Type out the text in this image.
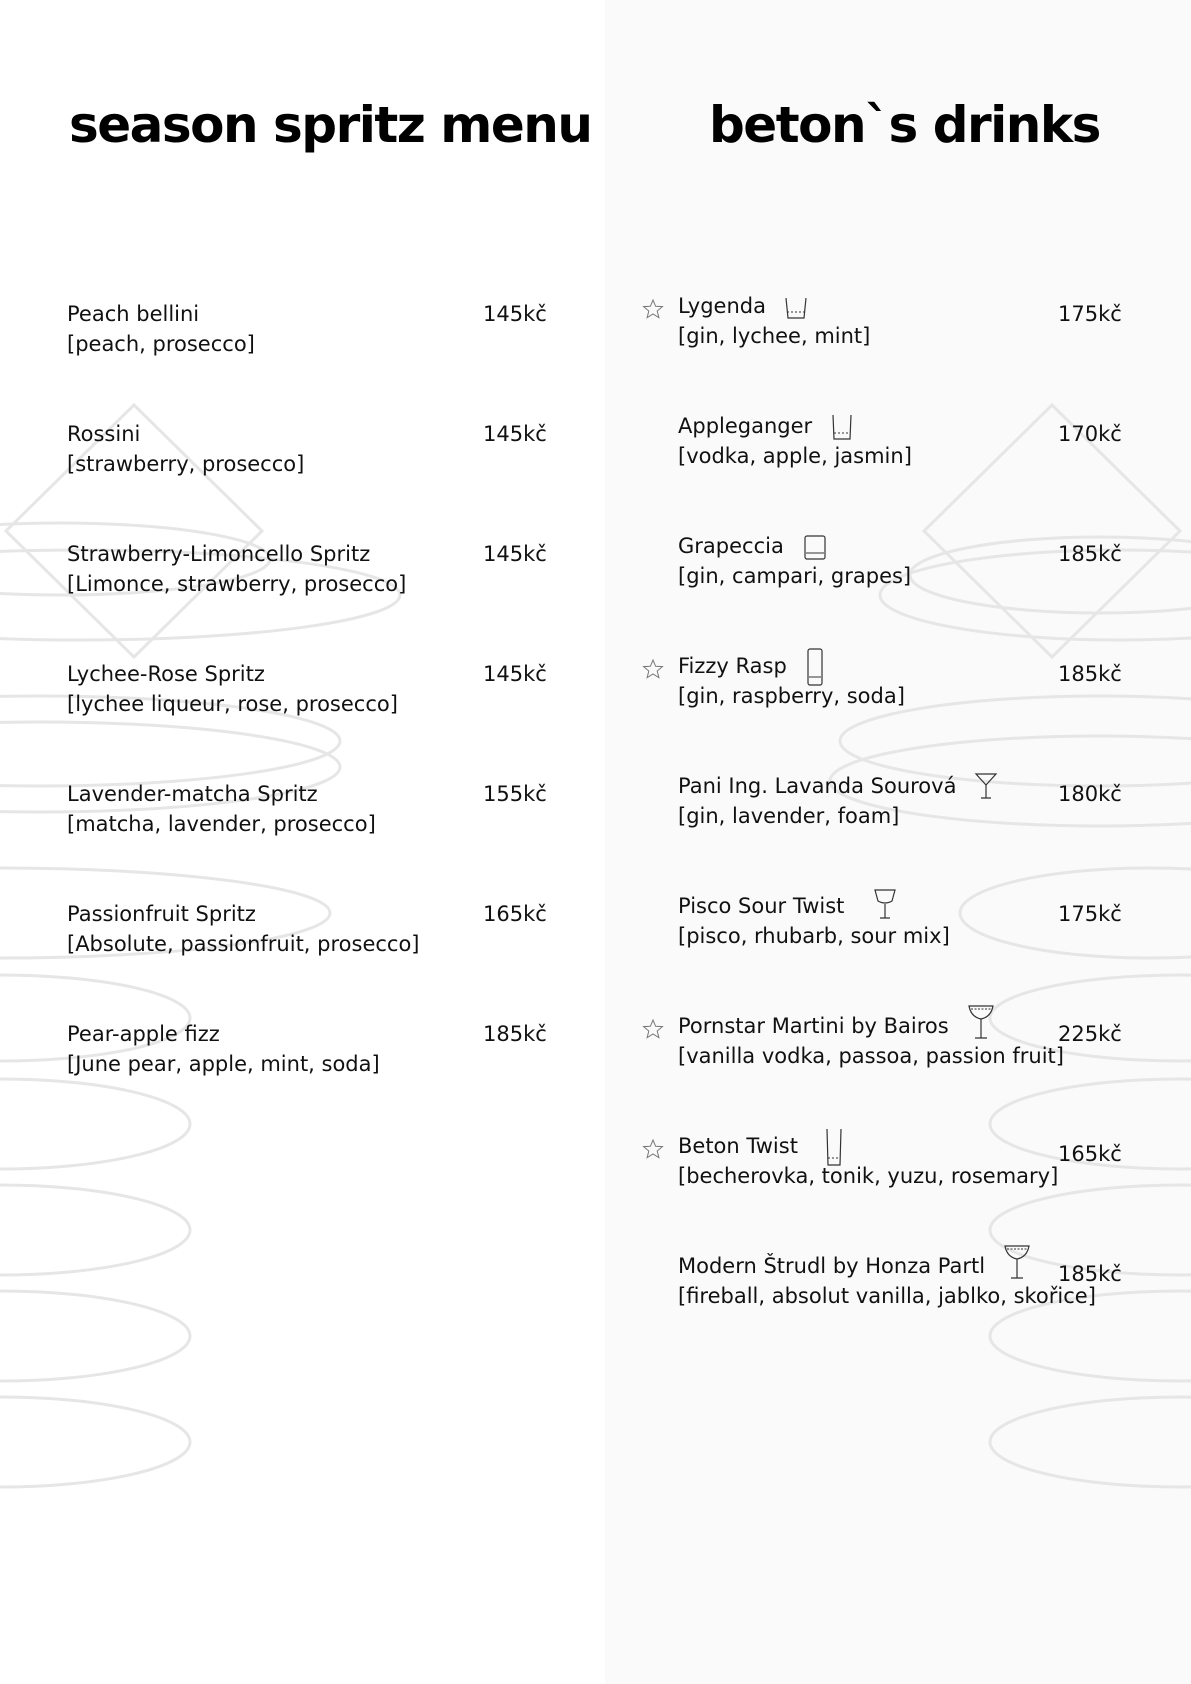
season spritz menu beton`s drinks
Peach bellini
[peach, prosecco]
145kč
Rossini
[strawberry, prosecco]
145kč
Strawberry-Limoncello Spritz
[Limonce, strawberry, prosecco]
145kč
Lychee-Rose Spritz
[lychee liqueur, rose, prosecco]
145kč
Lavender-matcha Spritz
[matcha, lavender, prosecco]
155kč
Passionfruit Spritz
[Absolute, passionfruit, prosecco]
165kč
Pear-apple fizz
[June pear, apple, mint, soda]
185kč
Lygenda
[gin, lychee, mint]
175kč
Appleganger
[vodka, apple, jasmin]
170kč
Grapeccia
[gin, campari, grapes]
185kč
Fizzy Rasp
[gin, raspberry, soda]
185kč
Pani Ing. Lavanda Sourová
[gin, lavender, foam]
180kč
Pisco Sour Twist
[pisco, rhubarb, sour mix]
175kč
Pornstar Martini by Bairos
[vanilla vodka, passoa, passion fruit]
225kč
Beton Twist
[becherovka, tonik, yuzu, rosemary]
165kč
Modern Štrudl by Honza Partl
[fireball, absolut vanilla, jablko, skořice]
185kč
